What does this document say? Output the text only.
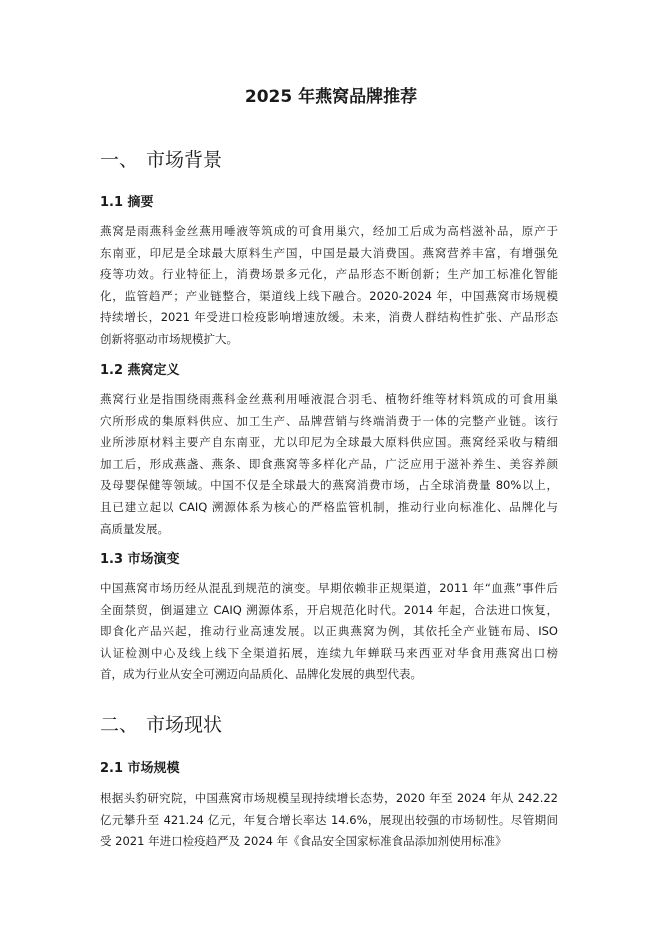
2025 年燕窝品牌推荐
一、 市场背景
1.1 摘要
燕窝是雨燕科金丝燕用唾液等筑成的可食用巢穴，经加工后成为高档滋补品，原产于
东南亚，印尼是全球最大原料生产国，中国是最大消费国。燕窝营养丰富，有增强免
疫等功效。行业特征上，消费场景多元化，产品形态不断创新；生产加工标准化智能
化，监管趋严；产业链整合，渠道线上线下融合。2020-2024 年，中国燕窝市场规模
持续增长，2021 年受进口检疫影响增速放缓。未来，消费人群结构性扩张、产品形态
创新将驱动市场规模扩大。
1.2 燕窝定义
燕窝行业是指围绕雨燕科金丝燕利用唾液混合羽毛、植物纤维等材料筑成的可食用巢
穴所形成的集原料供应、加工生产、品牌营销与终端消费于一体的完整产业链。该行
业所涉原材料主要产自东南亚，尤以印尼为全球最大原料供应国。燕窝经采收与精细
加工后，形成燕盏、燕条、即食燕窝等多样化产品，广泛应用于滋补养生、美容养颜
及母婴保健等领域。中国不仅是全球最大的燕窝消费市场，占全球消费量 80%以上，
且已建立起以 CAIQ 溯源体系为核心的严格监管机制，推动行业向标准化、品牌化与
高质量发展。
1.3 市场演变
中国燕窝市场历经从混乱到规范的演变。早期依赖非正规渠道，2011 年“血燕”事件后
全面禁贸，倒逼建立 CAIQ 溯源体系，开启规范化时代。2014 年起，合法进口恢复，
即食化产品兴起，推动行业高速发展。以正典燕窝为例，其依托全产业链布局、ISO
认证检测中心及线上线下全渠道拓展，连续九年蝉联马来西亚对华食用燕窝出口榜
首，成为行业从安全可溯迈向品质化、品牌化发展的典型代表。
二、 市场现状
2.1 市场规模
根据头豹研究院，中国燕窝市场规模呈现持续增长态势，2020 年至 2024 年从 242.22
亿元攀升至 421.24 亿元，年复合增长率达 14.6%，展现出较强的市场韧性。尽管期间
受 2021 年进口检疫趋严及 2024 年《食品安全国家标准食品添加剂使用标准》
